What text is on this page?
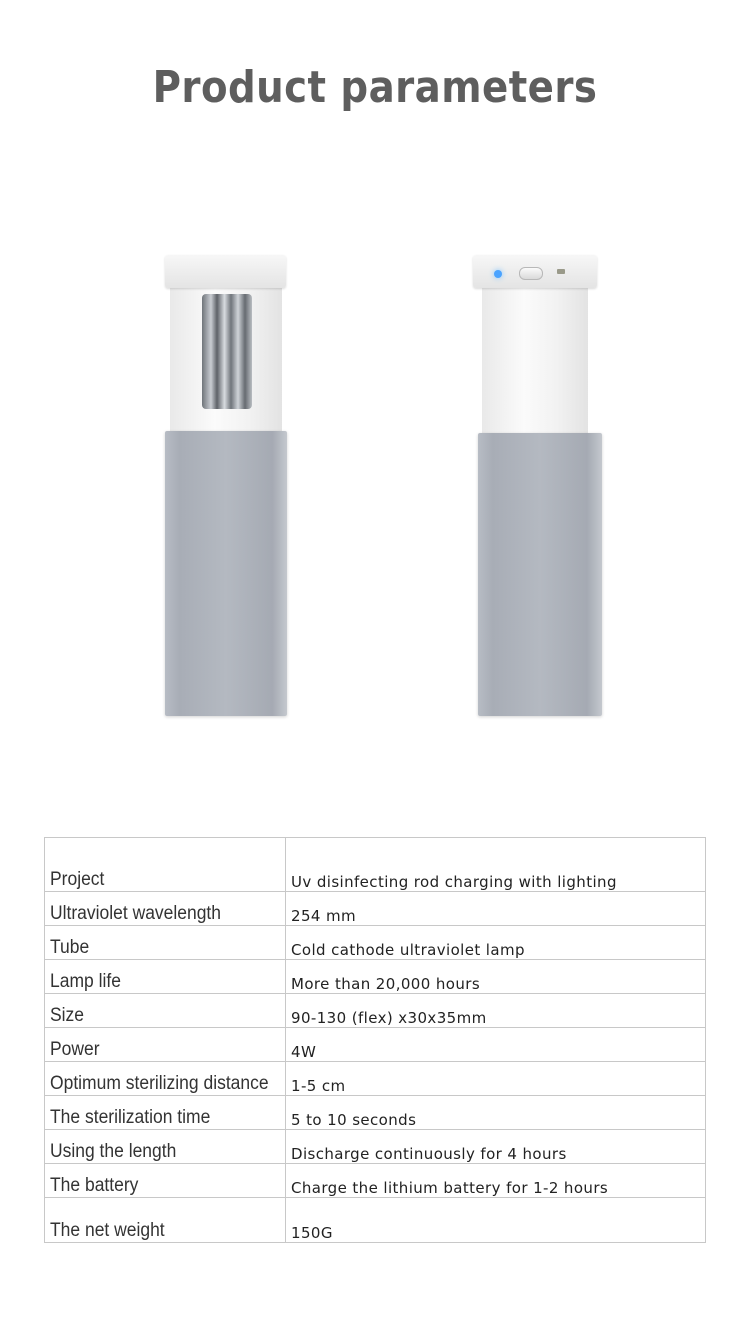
Product parameters
Project	Uv disinfecting rod charging with lighting
Ultraviolet wavelength	254 mm
Tube	Cold cathode ultraviolet lamp
Lamp life	More than 20,000 hours
Size	90-130 (flex) x30x35mm
Power	4W
Optimum sterilizing distance	1-5 cm
The sterilization time	5 to 10 seconds
Using the length	Discharge continuously for 4 hours
The battery	Charge the lithium battery for 1-2 hours
The net weight	150G
